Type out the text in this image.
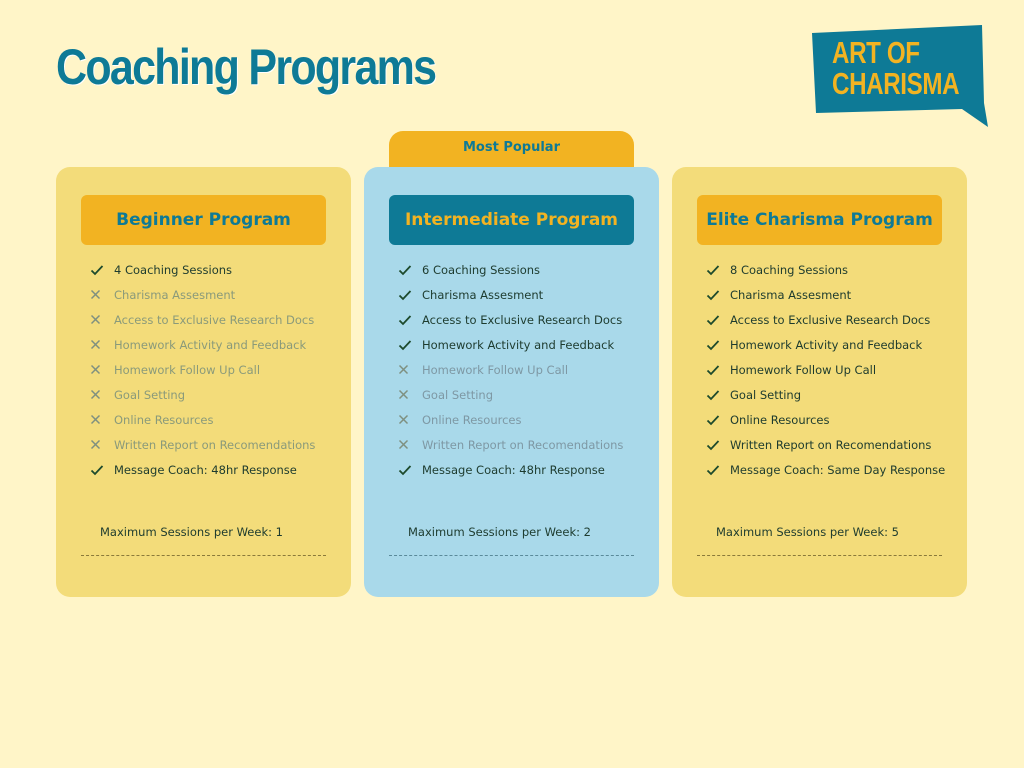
Coaching Programs	ART OF
CHARISMA
Most Popular
Beginner Program
4 Coaching Sessions
Charisma Assesment
Access to Exclusive Research Docs
Homework Activity and Feedback
Homework Follow Up Call
Goal Setting
Online Resources
Written Report on Recomendations
Message Coach: 48hr Response
Maximum Sessions per Week: 1
Intermediate Program
6 Coaching Sessions
Charisma Assesment
Access to Exclusive Research Docs
Homework Activity and Feedback
Homework Follow Up Call
Goal Setting
Online Resources
Written Report on Recomendations
Message Coach: 48hr Response
Maximum Sessions per Week: 2
Elite Charisma Program
8 Coaching Sessions
Charisma Assesment
Access to Exclusive Research Docs
Homework Activity and Feedback
Homework Follow Up Call
Goal Setting
Online Resources
Written Report on Recomendations
Message Coach: Same Day Response
Maximum Sessions per Week: 5
